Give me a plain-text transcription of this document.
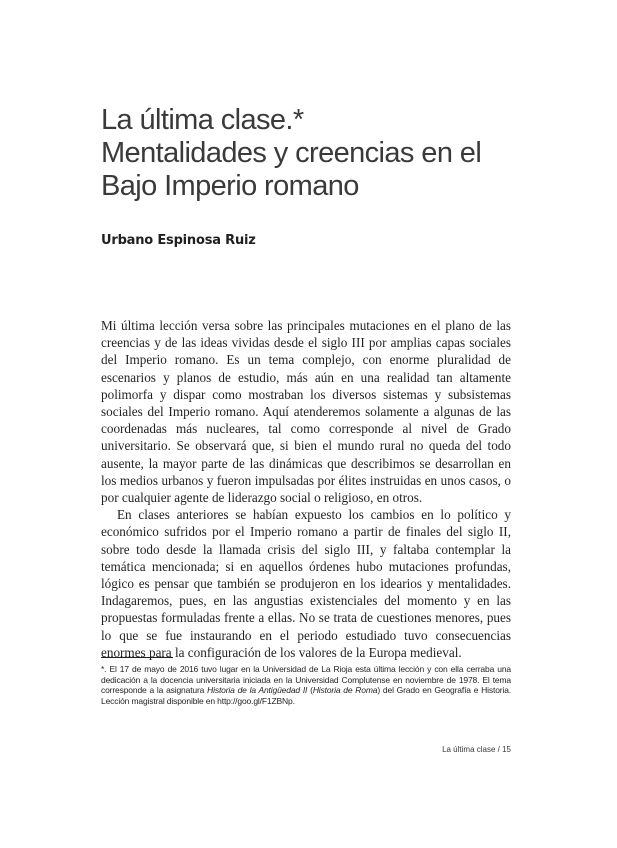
La última clase.*
Mentalidades y creencias en el
Bajo Imperio romano

Urbano Espinosa Ruiz

Mi última lección versa sobre las principales mutaciones en el plano de las creencias y de las ideas vividas desde el siglo III por amplias capas sociales del Imperio romano. Es un tema complejo, con enorme pluralidad de escenarios y planos de estudio, más aún en una realidad tan altamente polimorfa y dispar como mostraban los diversos sistemas y subsistemas sociales del Imperio romano. Aquí atenderemos solamente a algunas de las coordenadas más nucleares, tal como corresponde al nivel de Grado universitario. Se observará que, si bien el mundo rural no queda del todo ausente, la mayor parte de las dinámicas que describimos se desarrollan en los medios urbanos y fueron impulsadas por élites instruidas en unos casos, o por cualquier agente de liderazgo social o religioso, en otros.

En clases anteriores se habían expuesto los cambios en lo político y económico sufridos por el Imperio romano a partir de finales del siglo II, sobre todo desde la llamada crisis del siglo III, y faltaba contemplar la temática mencionada; si en aquellos órdenes hubo mutaciones profundas, lógico es pensar que también se produjeron en los idearios y mentalidades. Indagaremos, pues, en las angustias existenciales del momento y en las propuestas formuladas frente a ellas. No se trata de cuestiones menores, pues lo que se fue instaurando en el periodo estudiado tuvo consecuencias enormes para la configuración de los valores de la Europa medieval.

*. El 17 de mayo de 2016 tuvo lugar en la Universidad de La Rioja esta última lección y con ella cerraba una dedicación a la docencia universitaria iniciada en la Universidad Complutense en noviembre de 1978. El tema corresponde a la asignatura Historia de la Antigüedad II (Historia de Roma) del Grado en Geografía e Historia. Lección magistral disponible en http://goo.gl/F1ZBNp.

La última clase / 15
